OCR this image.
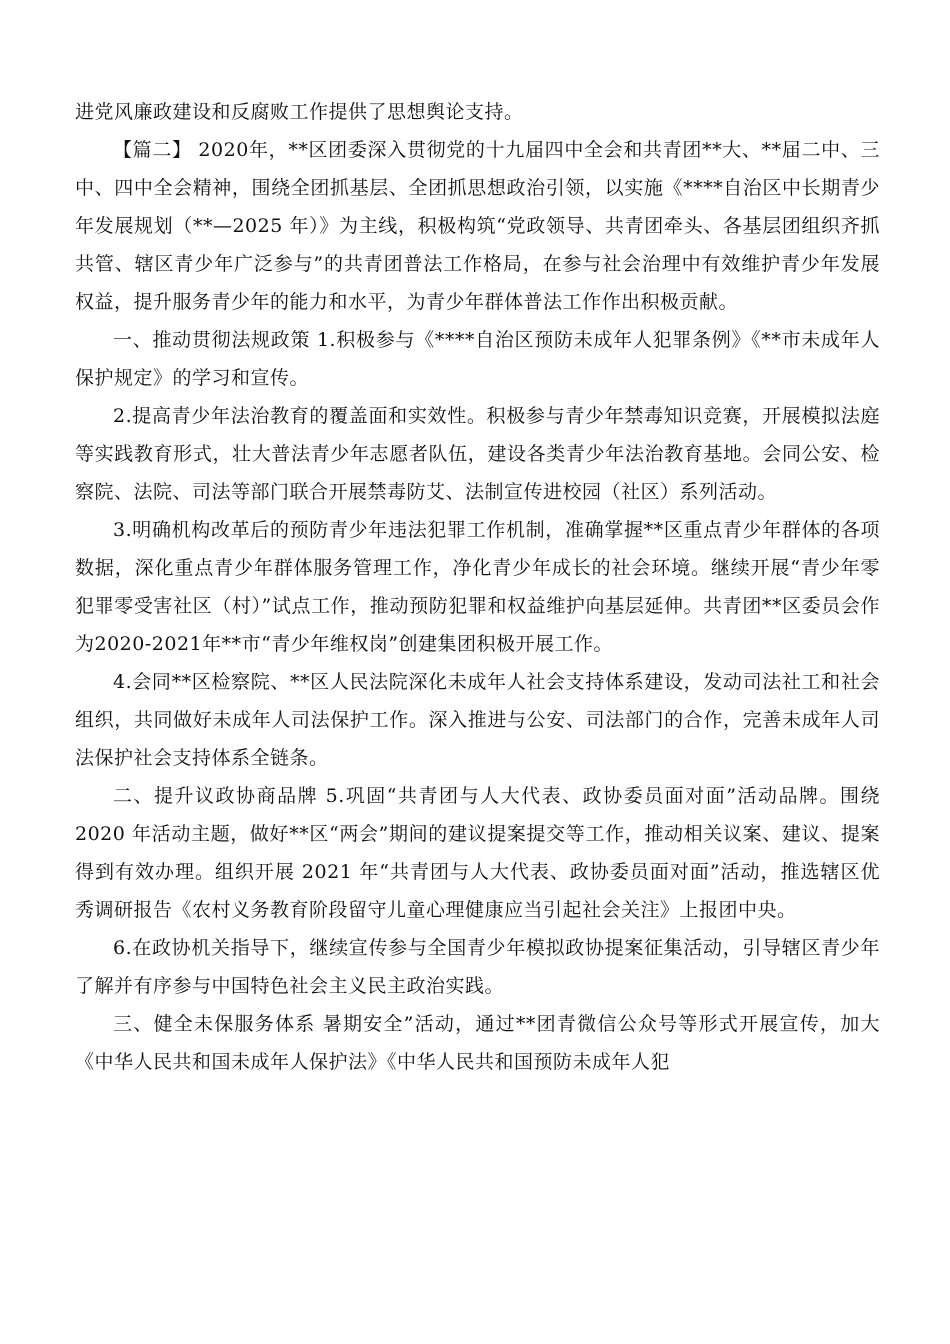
进党风廉政建设和反腐败工作提供了思想舆论支持。

【篇二】 2020年，**区团委深入贯彻党的十九届四中全会和共青团**大、**届二中、三中、四中全会精神，围绕全团抓基层、全团抓思想政治引领，以实施《****自治区中长期青少年发展规划（**—2025 年）》为主线，积极构筑“党政领导、共青团牵头、各基层团组织齐抓共管、辖区青少年广泛参与”的共青团普法工作格局，在参与社会治理中有效维护青少年发展权益，提升服务青少年的能力和水平，为青少年群体普法工作作出积极贡献。

一、推动贯彻法规政策 1.积极参与《****自治区预防未成年人犯罪条例》《**市未成年人保护规定》的学习和宣传。

2.提高青少年法治教育的覆盖面和实效性。积极参与青少年禁毒知识竞赛，开展模拟法庭等实践教育形式，壮大普法青少年志愿者队伍，建设各类青少年法治教育基地。会同公安、检察院、法院、司法等部门联合开展禁毒防艾、法制宣传进校园（社区）系列活动。

3.明确机构改革后的预防青少年违法犯罪工作机制，准确掌握**区重点青少年群体的各项数据，深化重点青少年群体服务管理工作，净化青少年成长的社会环境。继续开展“青少年零犯罪零受害社区（村）”试点工作，推动预防犯罪和权益维护向基层延伸。共青团**区委员会作为2020-2021年**市“青少年维权岗”创建集团积极开展工作。

4.会同**区检察院、**区人民法院深化未成年人社会支持体系建设，发动司法社工和社会组织，共同做好未成年人司法保护工作。深入推进与公安、司法部门的合作，完善未成年人司法保护社会支持体系全链条。

二、提升议政协商品牌 5.巩固“共青团与人大代表、政协委员面对面”活动品牌。围绕 2020 年活动主题，做好**区“两会”期间的建议提案提交等工作，推动相关议案、建议、提案得到有效办理。组织开展 2021 年“共青团与人大代表、政协委员面对面”活动，推选辖区优秀调研报告《农村义务教育阶段留守儿童心理健康应当引起社会关注》上报团中央。

6.在政协机关指导下，继续宣传参与全国青少年模拟政协提案征集活动，引导辖区青少年了解并有序参与中国特色社会主义民主政治实践。

三、健全未保服务体系 暑期安全”活动，通过**团青微信公众号等形式开展宣传，加大《中华人民共和国未成年人保护法》《中华人民共和国预防未成年人犯
